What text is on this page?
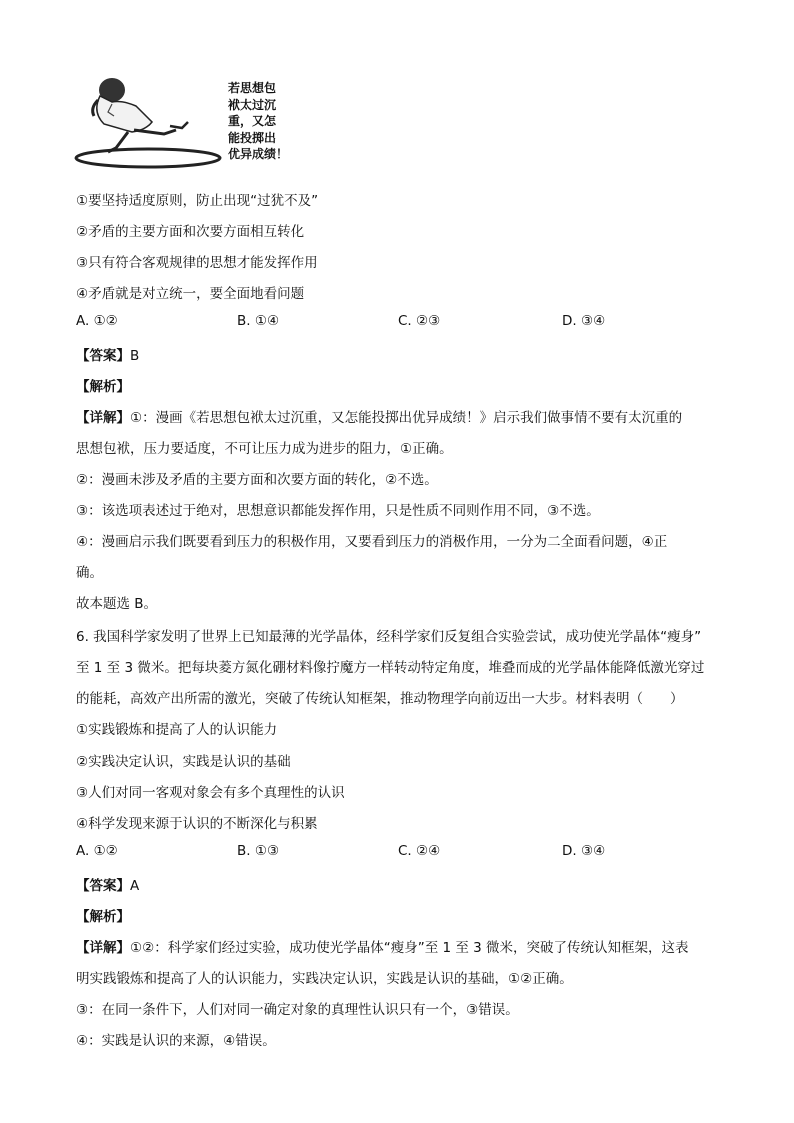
若思想包
袱太过沉
重，又怎
能投掷出
优异成绩！
①要坚持适度原则，防止出现“过犹不及”
②矛盾的主要方面和次要方面相互转化
③只有符合客观规律的思想才能发挥作用
④矛盾就是对立统一，要全面地看问题
A. ①②	B. ①④	C. ②③	D. ③④
【答案】B
【解析】
【详解】①：漫画《若思想包袱太过沉重，又怎能投掷出优异成绩！》启示我们做事情不要有太沉重的
思想包袱，压力要适度，不可让压力成为进步的阻力，①正确。
②：漫画未涉及矛盾的主要方面和次要方面的转化，②不选。
③：该选项表述过于绝对，思想意识都能发挥作用，只是性质不同则作用不同，③不选。
④：漫画启示我们既要看到压力的积极作用，又要看到压力的消极作用，一分为二全面看问题，④正
确。
故本题选 B。
6. 我国科学家发明了世界上已知最薄的光学晶体，经科学家们反复组合实验尝试，成功使光学晶体“瘦身”
至 1 至 3 微米。把每块菱方氮化硼材料像拧魔方一样转动特定角度，堆叠而成的光学晶体能降低激光穿过
的能耗，高效产出所需的激光，突破了传统认知框架，推动物理学向前迈出一大步。材料表明（　　）
①实践锻炼和提高了人的认识能力
②实践决定认识，实践是认识的基础
③人们对同一客观对象会有多个真理性的认识
④科学发现来源于认识的不断深化与积累
A. ①②	B. ①③	C. ②④	D. ③④
【答案】A
【解析】
【详解】①②：科学家们经过实验，成功使光学晶体“瘦身”至 1 至 3 微米，突破了传统认知框架，这表
明实践锻炼和提高了人的认识能力，实践决定认识，实践是认识的基础，①②正确。
③：在同一条件下，人们对同一确定对象的真理性认识只有一个，③错误。
④：实践是认识的来源，④错误。
